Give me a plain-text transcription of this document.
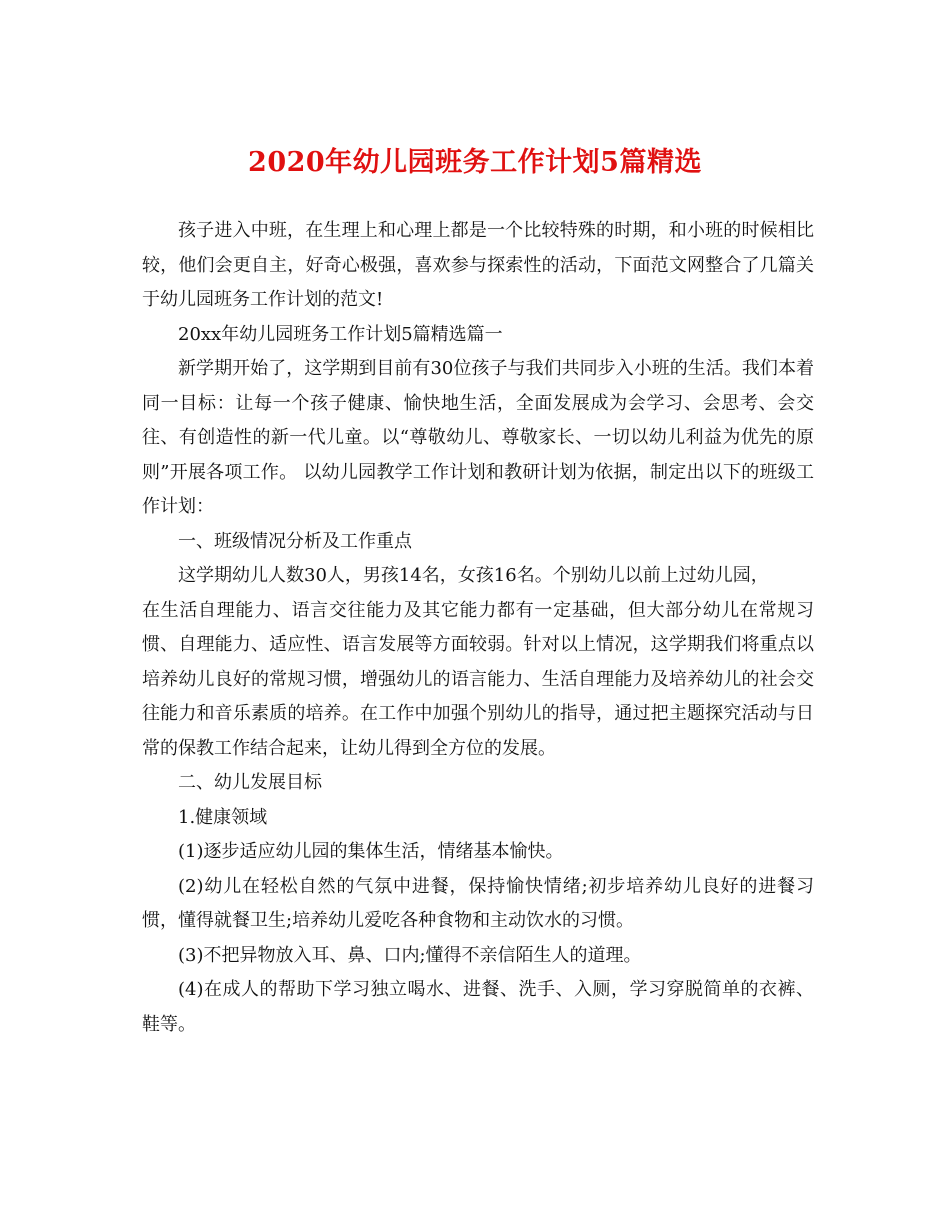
2020年幼儿园班务工作计划5篇精选

孩子进入中班，在生理上和心理上都是一个比较特殊的时期，和小班的时候相比较，他们会更自主，好奇心极强，喜欢参与探索性的活动，下面范文网整合了几篇关于幼儿园班务工作计划的范文!

20xx年幼儿园班务工作计划5篇精选篇一

新学期开始了，这学期到目前有30位孩子与我们共同步入小班的生活。我们本着同一目标：让每一个孩子健康、愉快地生活，全面发展成为会学习、会思考、会交往、有创造性的新一代儿童。以“尊敬幼儿、尊敬家长、一切以幼儿利益为优先的原则”开展各项工作。 以幼儿园教学工作计划和教研计划为依据，制定出以下的班级工作计划：

一、班级情况分析及工作重点

这学期幼儿人数30人，男孩14名，女孩16名。个别幼儿以前上过幼儿园，

在生活自理能力、语言交往能力及其它能力都有一定基础，但大部分幼儿在常规习惯、自理能力、适应性、语言发展等方面较弱。针对以上情况，这学期我们将重点以培养幼儿良好的常规习惯，增强幼儿的语言能力、生活自理能力及培养幼儿的社会交往能力和音乐素质的培养。在工作中加强个别幼儿的指导，通过把主题探究活动与日常的保教工作结合起来，让幼儿得到全方位的发展。

二、幼儿发展目标

1.健康领域

(1)逐步适应幼儿园的集体生活，情绪基本愉快。

(2)幼儿在轻松自然的气氛中进餐，保持愉快情绪;初步培养幼儿良好的进餐习惯，懂得就餐卫生;培养幼儿爱吃各种食物和主动饮水的习惯。

(3)不把异物放入耳、鼻、口内;懂得不亲信陌生人的道理。

(4)在成人的帮助下学习独立喝水、进餐、洗手、入厕，学习穿脱简单的衣裤、鞋等。
